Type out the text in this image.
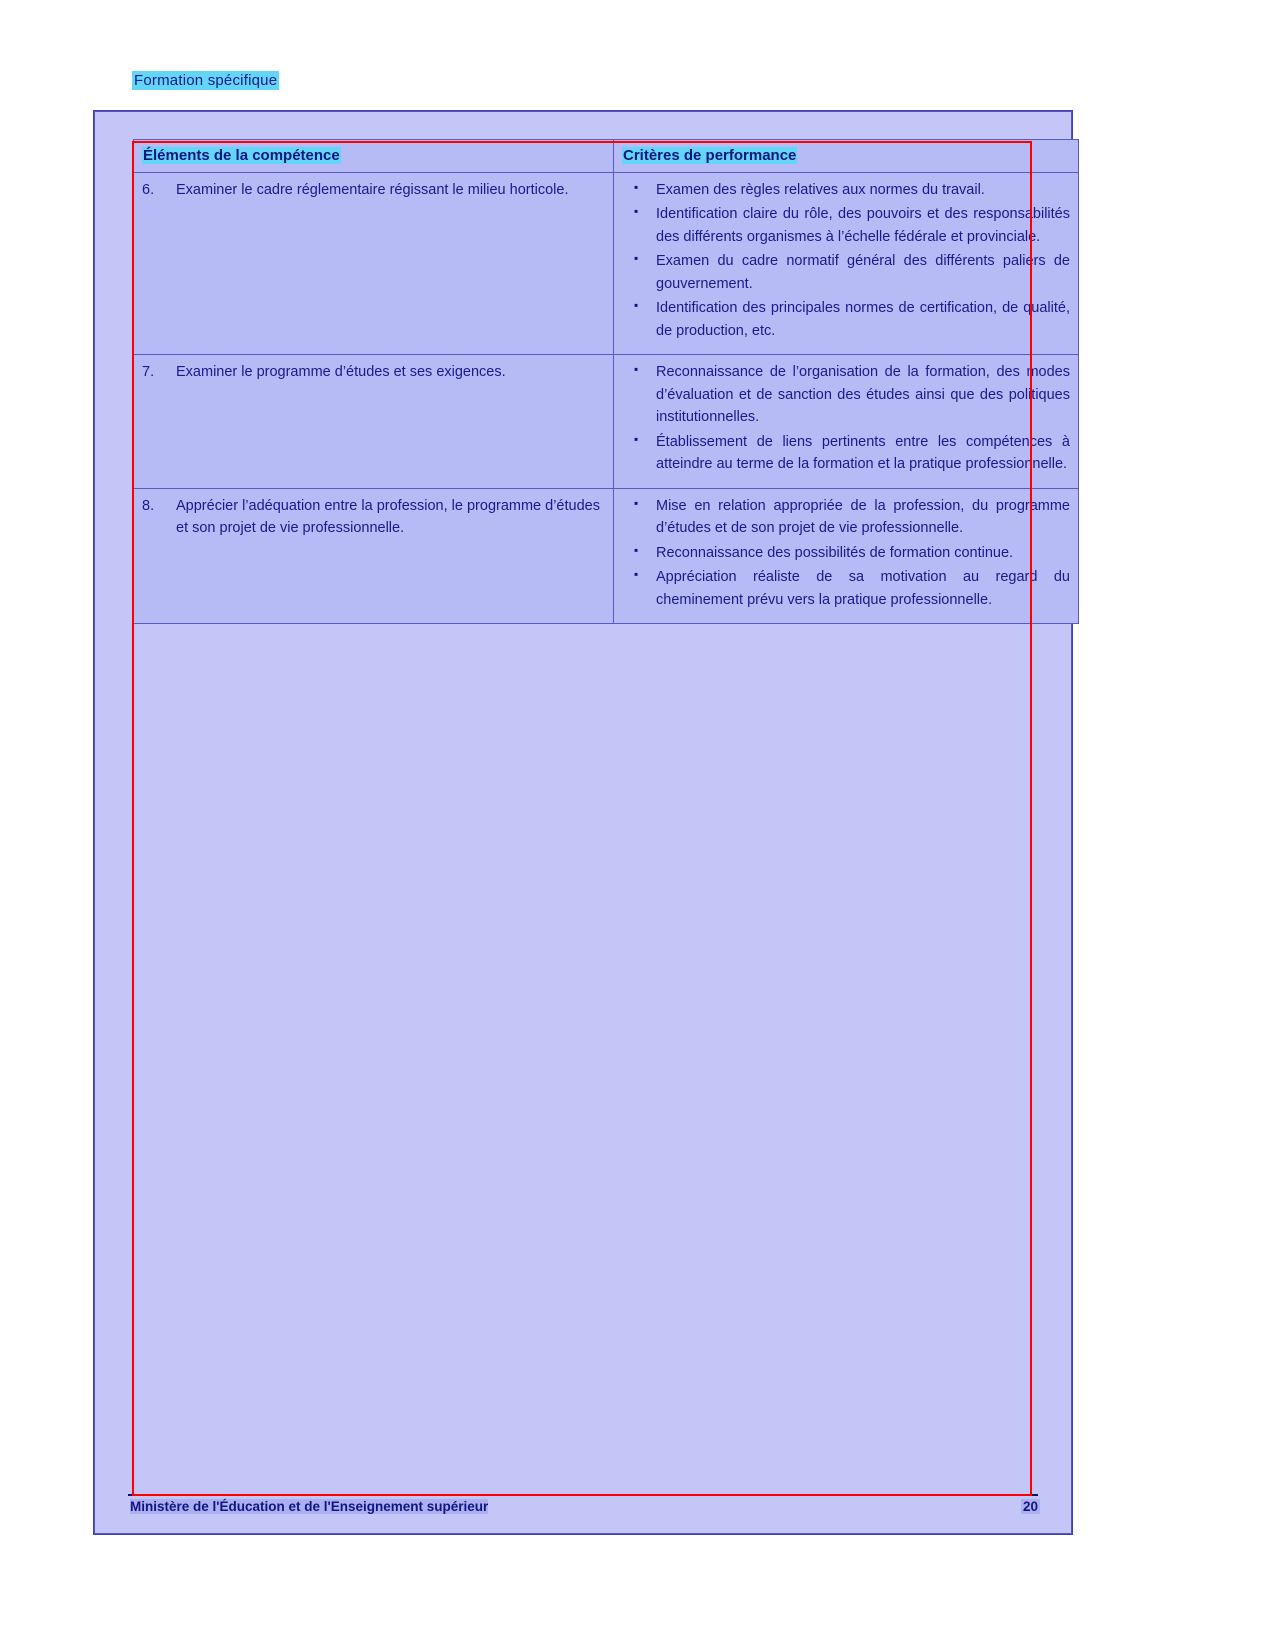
Formation spécifique
Éléments de la compétence	Critères de performance

6.	Examiner le cadre réglementaire régissant le milieu horticole.

▪Examen des règles relatives aux normes du travail.
▪ Identification claire du rôle, des pouvoirs et des responsabilités des différents organismes à l’échelle fédérale et provinciale.
▪ Examen du cadre normatif général des différents paliers de gouvernement.
▪ Identification des principales normes de certification, de qualité, de production, etc.

7.	Examiner le programme d’études et ses exigences.

▪Reconnaissance de l’organisation de la formation, des modes d’évaluation et de sanction des études ainsi que des politiques institutionnelles.
▪ Établissement de liens pertinents entre les compétences à atteindre au terme de la formation et la pratique professionnelle.

8.	Apprécier l’adéquation entre la profession, le programme d’études et son projet de vie professionnelle.

▪ Mise en relation appropriée de la profession, du programme d’études et de son projet de vie professionnelle.
▪ Reconnaissance des possibilités de formation continue.
▪ Appréciation réaliste de sa motivation au regard du cheminement prévu vers la pratique professionnelle.
Ministère de l'Éducation et de l'Enseignement supérieur	20
